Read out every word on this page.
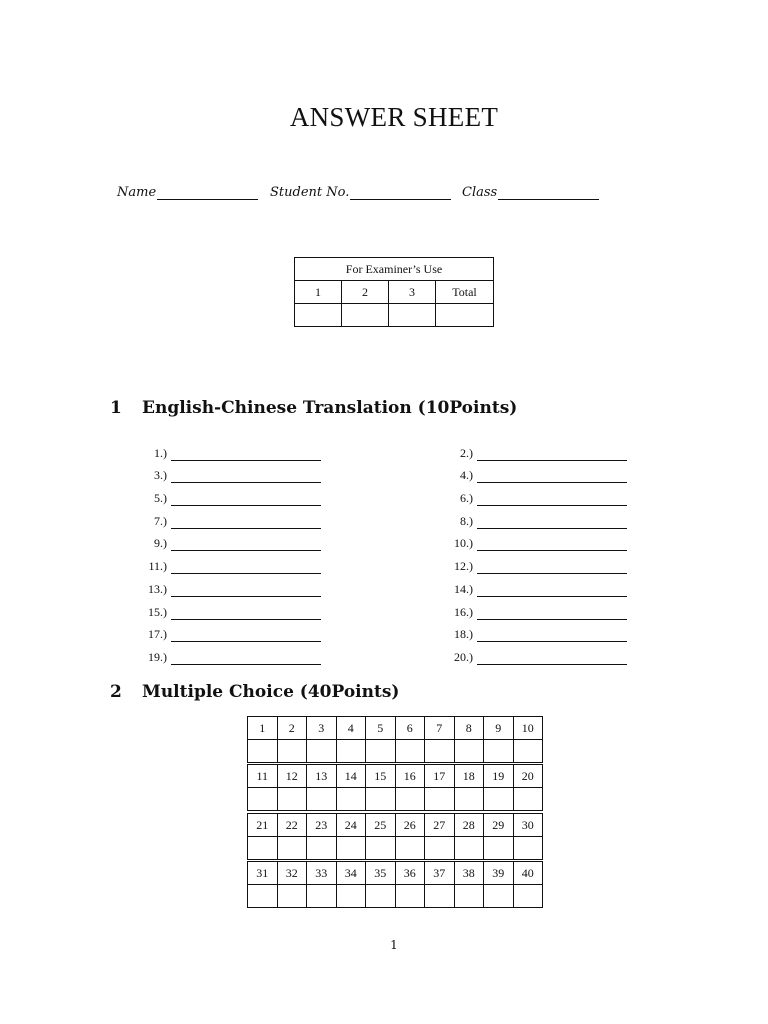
ANSWER SHEET
Name	Student No.	Class
For Examiner’s Use			
1	2	3	Total

1 English-Chinese Translation (10Points)
1.)
3.)
5.)
7.)
9.)
11.)
13.)
15.)
17.)
19.)
2.)
4.)
6.)
8.)
10.)
12.)
14.)
16.)
18.)
20.)
2 Multiple Choice (40Points)
1	2	3	4	5	6	7	8	9	10

11	12	13	14	15	16	17	18	19	20

21	22	23	24	25	26	27	28	29	30

31	32	33	34	35	36	37	38	39	40

1
